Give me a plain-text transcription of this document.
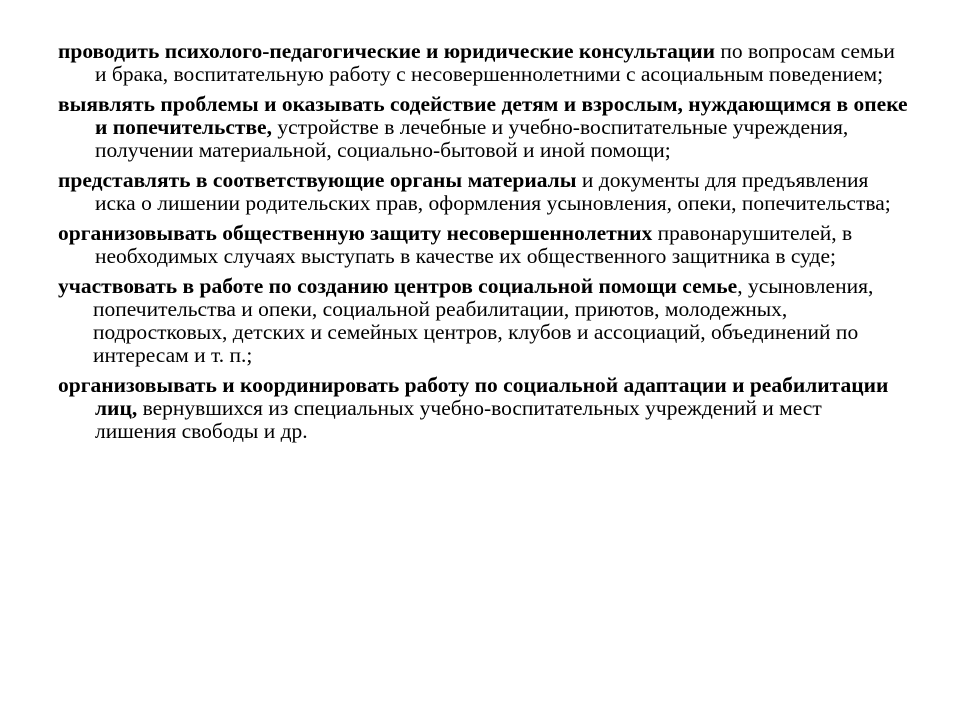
проводить психолого-педагогические и юридические консультации по вопросам семьи и брака, воспитательную работу с несовершеннолетними с асоциальным поведением;

выявлять проблемы и оказывать содействие детям и взрослым, нуждающимся в опеке и попечительстве, устройстве в лечебные и учебно-воспитательные учреждения, получении материальной, социально-бытовой и иной помощи;

представлять в соответствующие органы материалы и документы для предъявления иска о лишении родительских прав, оформления усыновления, опеки, попечительства;

организовывать общественную защиту несовершеннолетних правонарушителей, в необходимых случаях выступать в качестве их общественного защитника в суде;

участвовать в работе по созданию центров социальной помощи семье, усыновления, попечительства и опеки, социальной реабилитации, приютов, молодежных, подростковых, детских и семейных центров, клубов и ассоциаций, объединений по интересам и т. п.;

организовывать и координировать работу по социальной адаптации и реабилитации лиц, вернувшихся из специальных учебно-воспитательных учреждений и мест лишения свободы и др.
